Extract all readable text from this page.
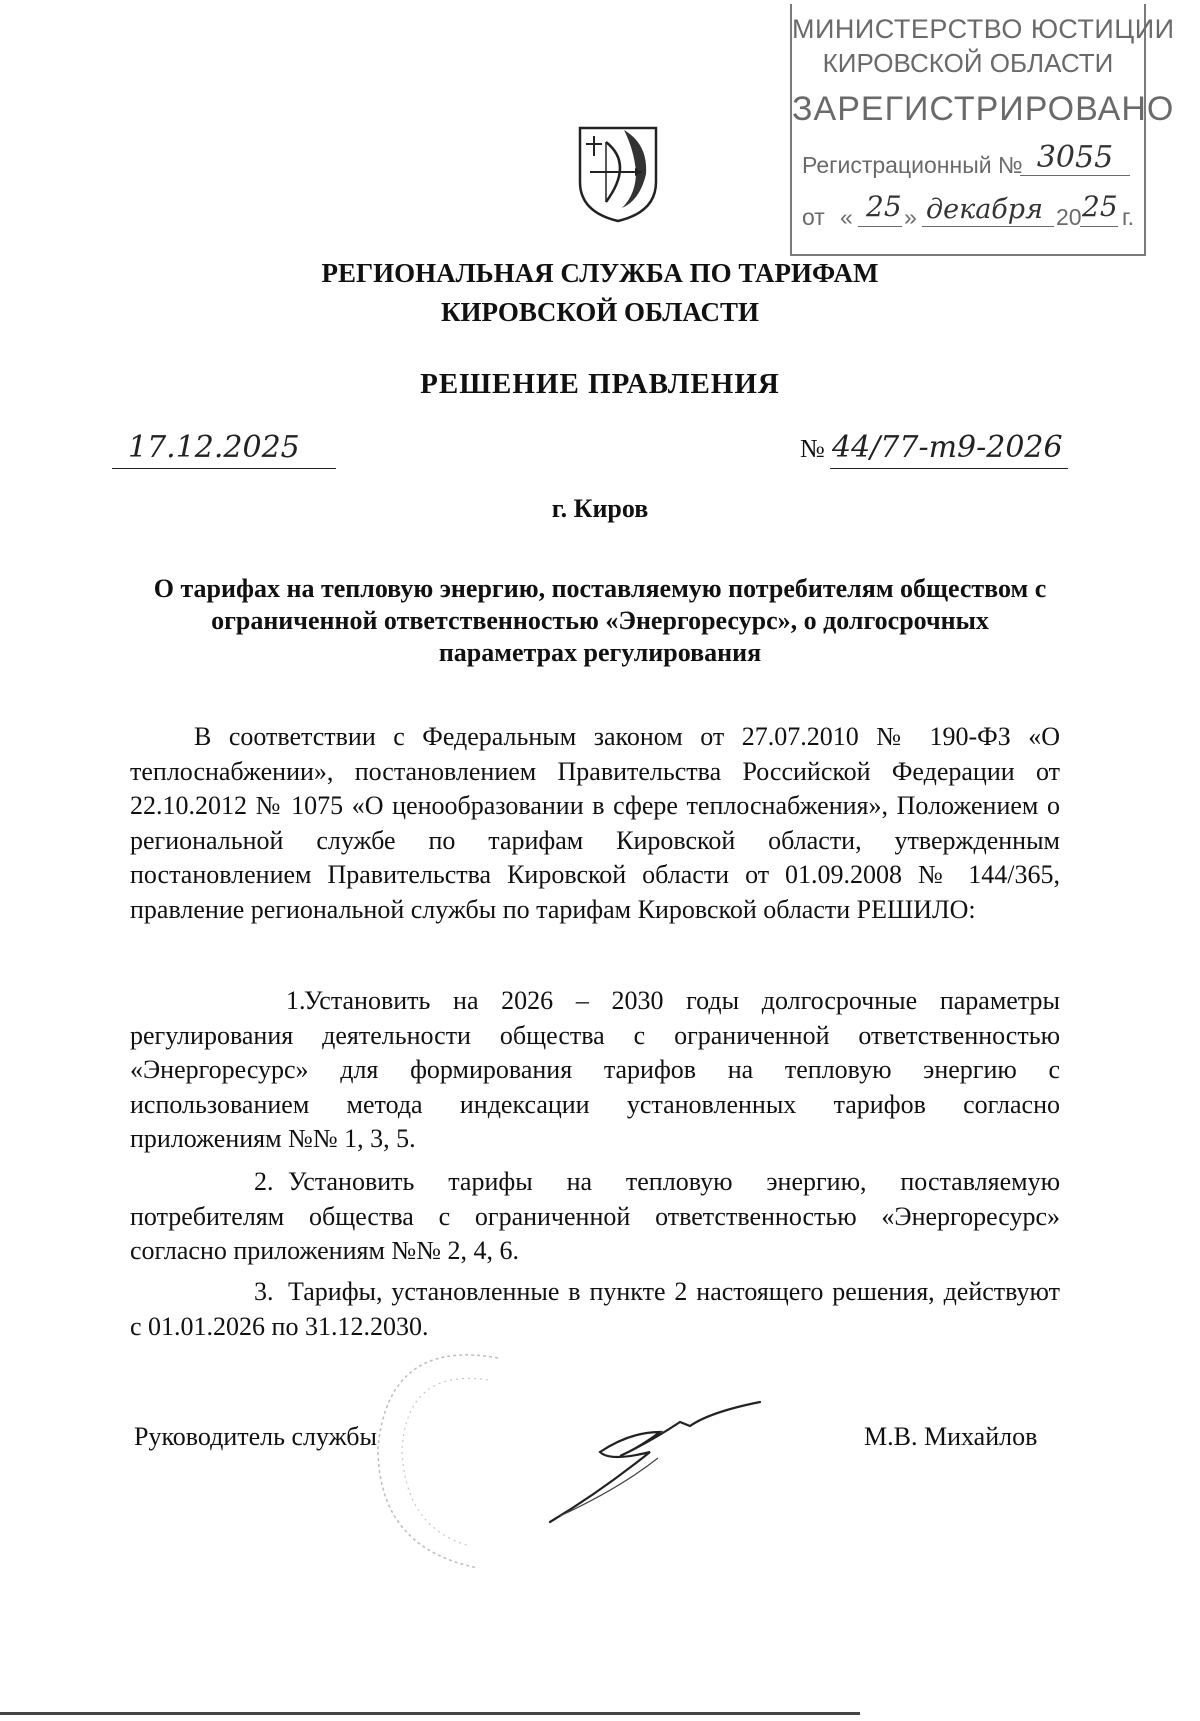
МИНИСТЕРСТВО ЮСТИЦИИ
КИРОВСКОЙ ОБЛАСТИ
ЗАРЕГИСТРИРОВАНО
Регистрационный № 3055
от « 25 » декабря 20 25 г.
РЕГИОНАЛЬНАЯ СЛУЖБА ПО ТАРИФАМ
КИРОВСКОЙ ОБЛАСТИ
РЕШЕНИЕ ПРАВЛЕНИЯ
17.12.2025	№ 44/77-т9-2026
г. Киров
О тарифах на тепловую энергию, поставляемую потребителям обществом с ограниченной ответственностью «Энергоресурс», о долгосрочных параметрах регулирования
В соответствии с Федеральным законом от 27.07.2010 № 190-ФЗ «О теплоснабжении», постановлением Правительства Российской Федерации от 22.10.2012 № 1075 «О ценообразовании в сфере теплоснабжения», Положением о региональной службе по тарифам Кировской области, утвержденным постановлением Правительства Кировской области от 01.09.2008 № 144/365, правление региональной службы по тарифам Кировской области РЕШИЛО:
1.Установить на 2026 – 2030 годы долгосрочные параметры регулирования деятельности общества с ограниченной ответственностью «Энергоресурс» для формирования тарифов на тепловую энергию с использованием метода индексации установленных тарифов согласно приложениям №№ 1, 3, 5.
2. Установить тарифы на тепловую энергию, поставляемую потребителям общества с ограниченной ответственностью «Энергоресурс» согласно приложениям №№ 2, 4, 6.
3. Тарифы, установленные в пункте 2 настоящего решения, действуют с 01.01.2026 по 31.12.2030.
Руководитель службы	М.В. Михайлов
